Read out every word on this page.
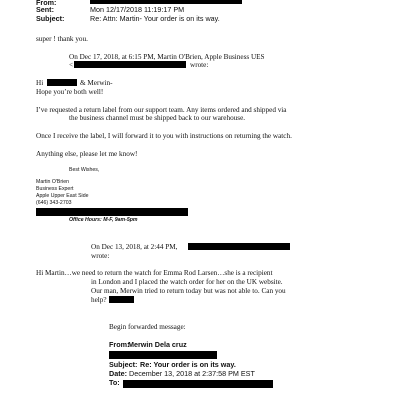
From:
Sent:	Mon 12/17/2018 11:19:17 PM
Subject:	Re: Attn: Martin- Your order is on its way.
super ! thank you.
On Dec 17, 2018, at 6:15 PM, Martin O'Brien, Apple Business UES
<	wrote:
Hi	& Merwin-
Hope you’re both well!
I’ve requested a return label from our support team. Any items ordered and shipped via
the business channel must be shipped back to our warehouse.
Once I receive the label, I will forward it to you with instructions on returning the watch.
Anything else, please let me know!
Best Wishes,
Martin O'Brien
Business Expert
Apple Upper East Side
(646) 343-2703
Office Hours: M-F, 9am-5pm
On Dec 13, 2018, at 2:44 PM,
wrote:
Hi Martin…we need to return the watch for Emma Rod Larsen…she is a recipient
in London and I placed the watch order for her on the UK website.
Our man, Merwin tried to return today but was not able to. Can you
help?
Begin forwarded message:
From:
Merwin Dela cruz
Subject: Re: Your order is on its way.
Date: December 13, 2018 at 2:37:58 PM EST
To:
